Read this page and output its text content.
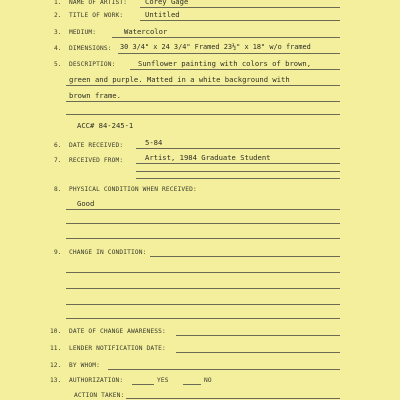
1. NAME OF ARTIST: Corey Gage
2. TITLE OF WORK:	Untitled
3. MEDIUM:	Watercolor
4. DIMENSIONS: 30 3/4" x 24 3/4" Framed 23½" x 18" w/o framed
5. DESCRIPTION:	Sunflower painting with colors of brown,
green and purple. Matted in a white background with
brown frame.
ACC# 84-245-1
6. DATE RECEIVED:	5-84
7. RECEIVED FROM:	Artist, 1984 Graduate Student
8. PHYSICAL CONDITION WHEN RECEIVED:
Good
9. CHANGE IN CONDITION:
10. DATE OF CHANGE AWARENESS:
11. LENDER NOTIFICATION DATE:
12. BY WHOM:
13. AUTHORIZATION:	YES	NO
ACTION TAKEN:
